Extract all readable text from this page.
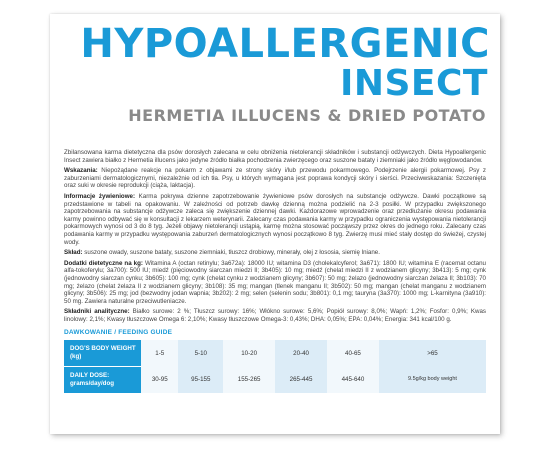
HYPOALLERGENIC
INSECT
HERMETIA ILLUCENS & DRIED POTATO

Zbilansowana karma dietetyczna dla psów dorosłych zalecana w celu obniżenia nietolerancji składników i substancji odżywczych. Dieta Hypoallergenic Insect zawiera białko z Hermetia illucens jako jedyne źródło białka pochodzenia zwierzęcego oraz suszone bataty i ziemniaki jako źródło węglowodanów.

Wskazania: Niepożądane reakcje na pokarm z objawami ze strony skóry i/lub przewodu pokarmowego. Podejrzenie alergii pokarmowej. Psy z zaburzeniami dermatologicznymi, niezależnie od ich tła. Psy, u których wymagana jest poprawa kondycji skóry i sierści. Przeciwwskazania: Szczenięta oraz suki w okresie reprodukcji (ciąża, laktacja).

Informacje żywieniowe: Karma pokrywa dzienne zapotrzebowanie żywieniowe psów dorosłych na substancje odżywcze. Dawki początkowe są przedstawione w tabeli na opakowaniu. W zależności od potrzeb dawkę dzienną można podzielić na 2-3 posiłki. W przypadku zwiększonego zapotrzebowania na substancje odżywcze zaleca się zwiększenie dziennej dawki. Każdorazowe wprowadzenie oraz przedłużanie okresu podawania karmy powinno odbywać się w konsultacji z lekarzem weterynarii. Zalecany czas podawania karmy w przypadku ograniczenia występowania nietolerancji pokarmowych wynosi od 3 do 8 tyg. Jeżeli objawy nietolerancji ustąpią, karmę można stosować począwszy przez okres do jednego roku. Zalecany czas podawania karmy w przypadku występowania zaburzeń dermatologicznych wynosi początkowo 8 tyg. Zwierzę musi mieć stały dostęp do świeżej, czystej wody.

Skład: suszone owady, suszone bataty, suszone ziemniaki, tłuszcz drobiowy, minerały, olej z łososia, siemię lniane.

Dodatki dietetyczne na kg: Witamina A (octan retinylu; 3a672a): 18000 IU; witamina D3 (cholekalcyferol; 3a671): 1800 IU; witamina E (racemat octanu alfa-tokoferylu; 3a700): 500 IU; miedź (pięciowodny siarczan miedzi II; 3b405): 10 mg; miedź (chelat miedzi II z wodzianem glicyny; 3b413): 5 mg; cynk (jednowodny siarczan cynku; 3b605): 100 mg; cynk (chelat cynku z wodzianem glicyny; 3b607): 50 mg; żelazo (jednowodny siarczan żelaza II; 3b103): 70 mg; żelazo (chelat żelaza II z wodzianem glicyny; 3b108): 35 mg; mangan (tlenek manganu II; 3b502): 50 mg; mangan (chelat manganu z wodzianem glicyny; 3b506): 25 mg; jod (bezwodny jodan wapnia; 3b202): 2 mg; selen (selenin sodu; 3b801): 0,1 mg; tauryna (3a370): 1000 mg; L-karnityna (3a910): 50 mg. Zawiera naturalne przeciwutleniacze.

Składniki analityczne: Białko surowe: 2 %; Tłuszcz surowy: 16%; Włókno surowe: 5,6%; Popiół surowy: 8,0%; Wapń: 1,2%; Fosfor: 0,9%; Kwas linolowy: 2,1%; Kwasy tłuszczowe Omega 6: 2,10%; Kwasy tłuszczowe Omega-3: 0,43%; DHA: 0,05%; EPA: 0,04%; Energia: 341 kcal/100 g.

DAWKOWANIE / FEEDING GUIDE
DOG'S BODY WEIGHT (kg)	1-5	5-10	10-20	20-40	40-65	>65
DAILY DOSE: grams/day/dog	30-95	95-155	155-265	265-445	445-640	9.5g/kg body weight
